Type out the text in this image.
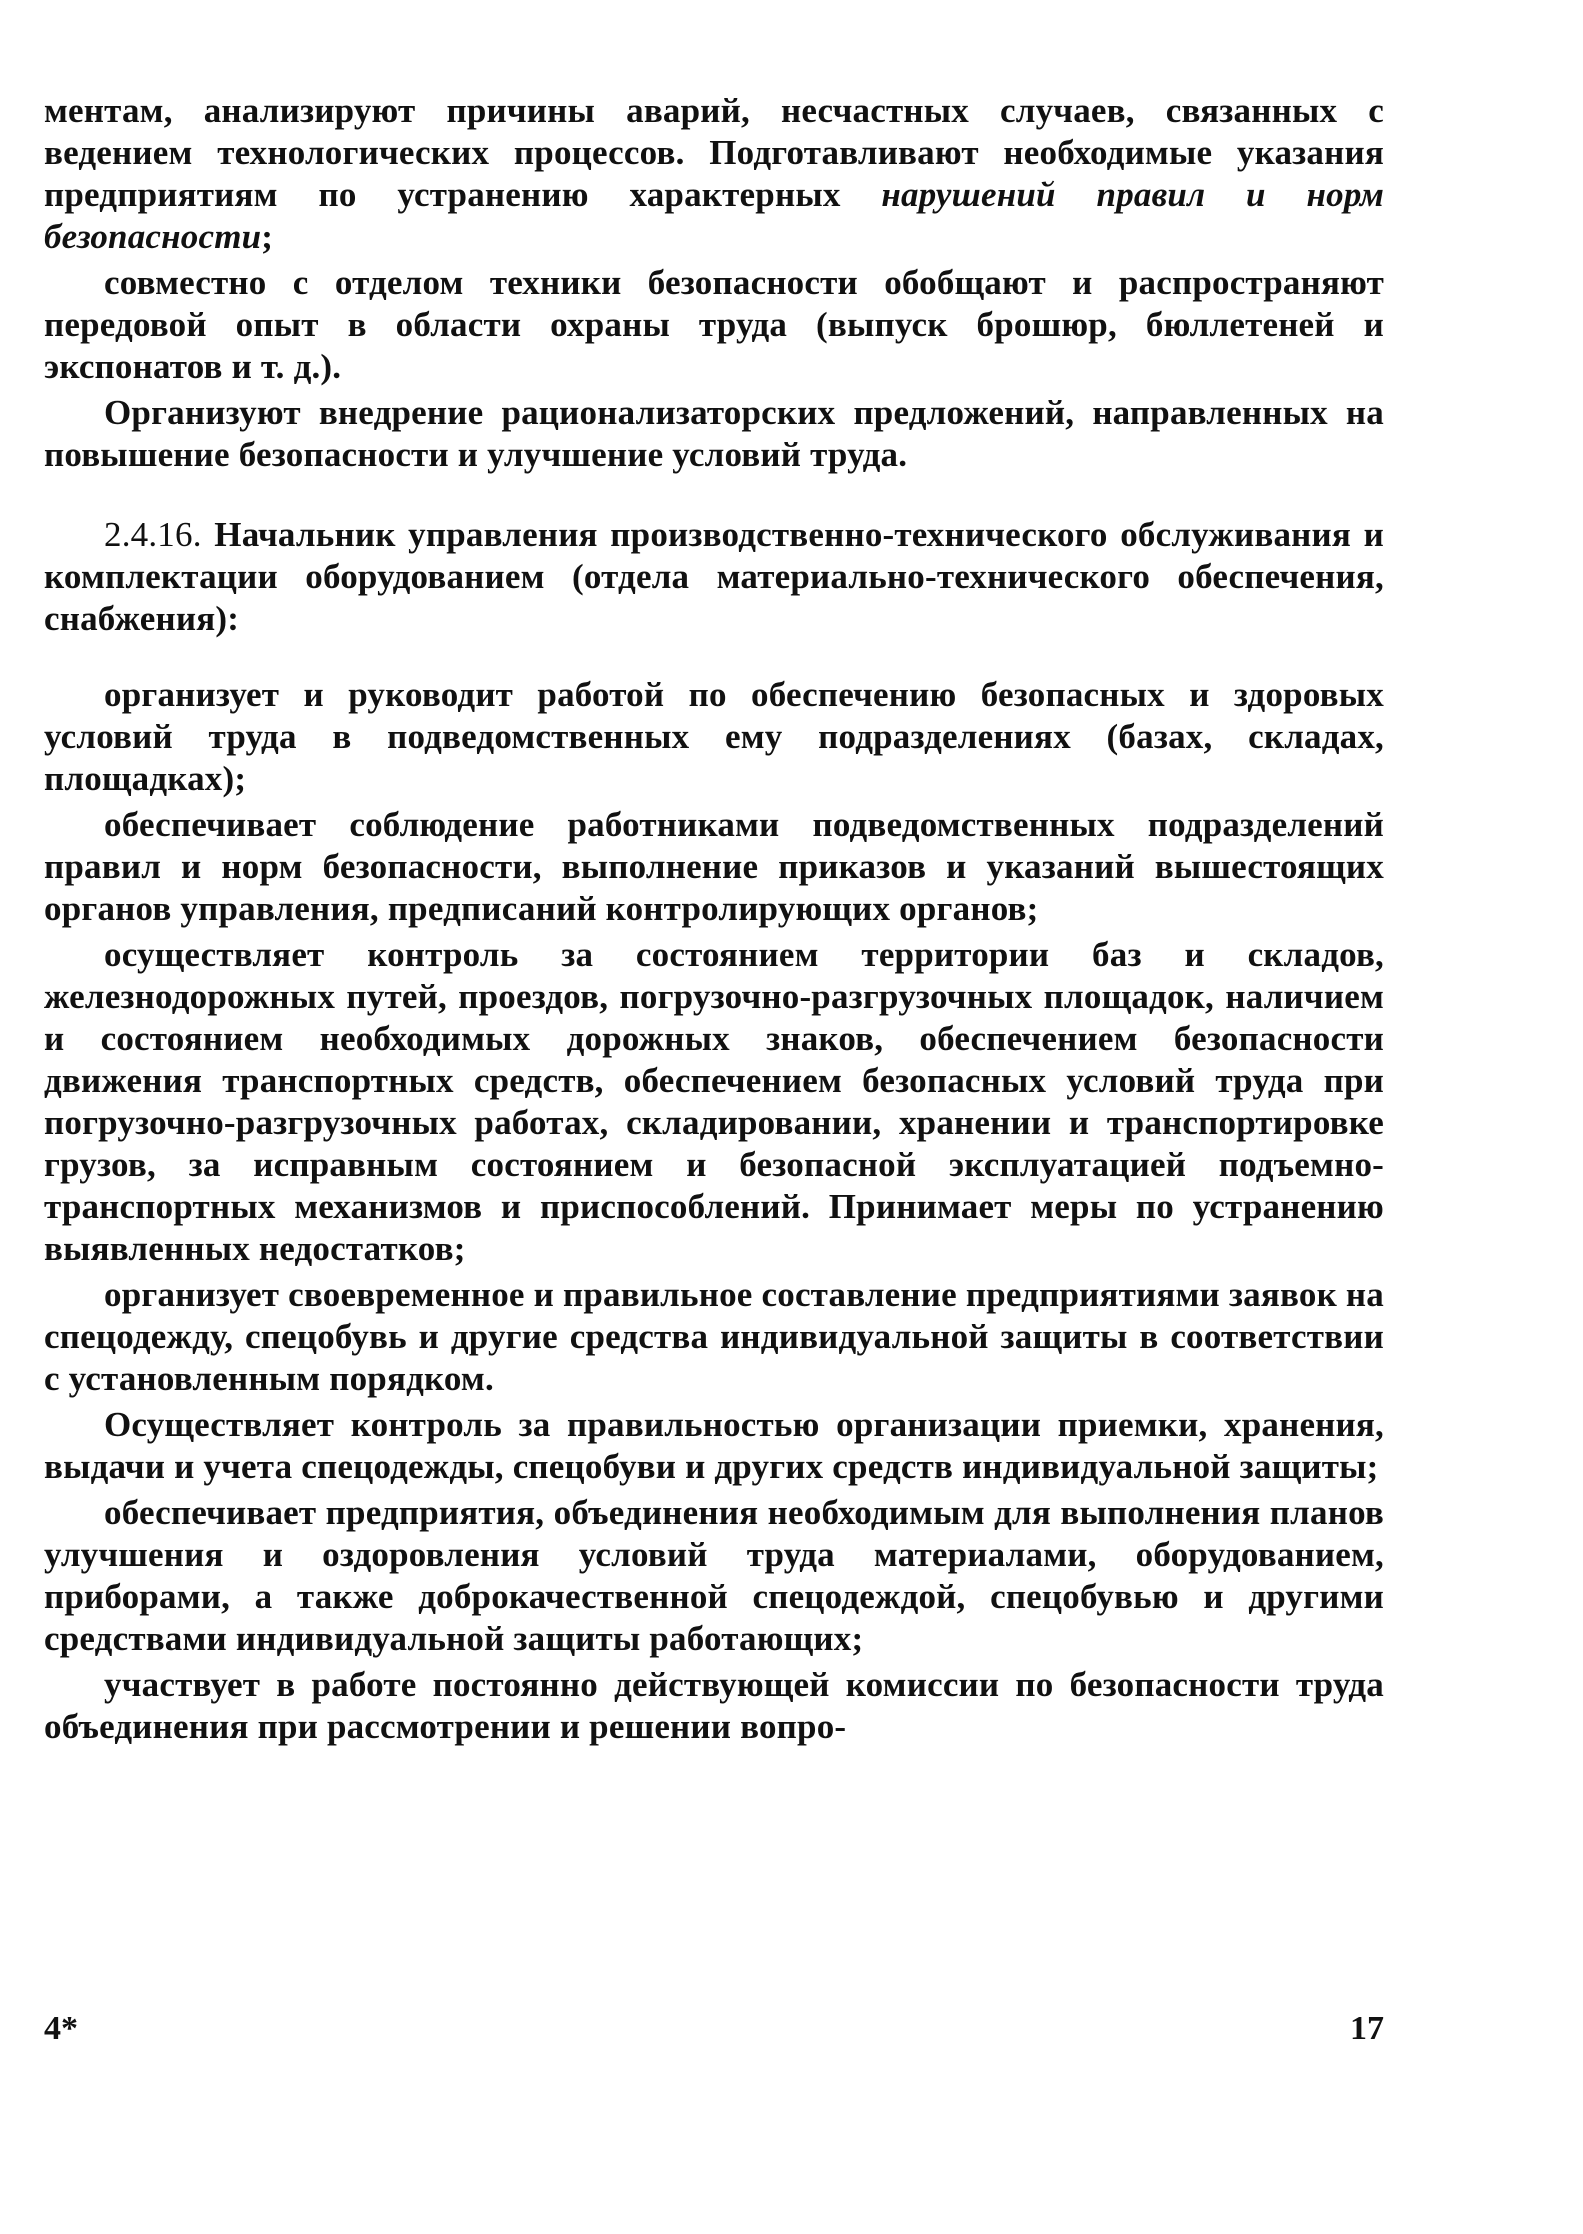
ментам, анализируют причины аварий, несчастных случаев, связанных с ведением технологических процессов. Подготавливают необходимые указания предприятиям по устранению характерных нарушений правил и норм безопасности;

совместно с отделом техники безопасности обобщают и распространяют передовой опыт в области охраны труда (выпуск брошюр, бюллетеней и экспонатов и т. д.).

Организуют внедрение рационализаторских предложений, направленных на повышение безопасности и улучшение условий труда.

2.4.16. Начальник управления производственно-технического обслуживания и комплектации оборудованием (отдела материально-технического обеспечения, снабжения):

организует и руководит работой по обеспечению безопасных и здоровых условий труда в подведомственных ему подразделениях (базах, складах, площадках);

обеспечивает соблюдение работниками подведомственных подразделений правил и норм безопасности, выполнение приказов и указаний вышестоящих органов управления, предписаний контролирующих органов;

осуществляет контроль за состоянием территории баз и складов, железнодорожных путей, проездов, погрузочно-разгрузочных площадок, наличием и состоянием необходимых дорожных знаков, обеспечением безопасности движения транспортных средств, обеспечением безопасных условий труда при погрузочно-разгрузочных работах, складировании, хранении и транспортировке грузов, за исправным состоянием и безопасной эксплуатацией подъемно-транспортных механизмов и приспособлений. Принимает меры по устранению выявленных недостатков;

организует своевременное и правильное составление предприятиями заявок на спецодежду, спецобувь и другие средства индивидуальной защиты в соответствии с установленным порядком.

Осуществляет контроль за правильностью организации приемки, хранения, выдачи и учета спецодежды, спецобуви и других средств индивидуальной защиты;

обеспечивает предприятия, объединения необходимым для выполнения планов улучшения и оздоровления условий труда материалами, оборудованием, приборами, а также доброкачественной спецодеждой, спецобувью и другими средствами индивидуальной защиты работающих;

участвует в работе постоянно действующей комиссии по безопасности труда объединения при рассмотрении и решении вопро-

4*	17
